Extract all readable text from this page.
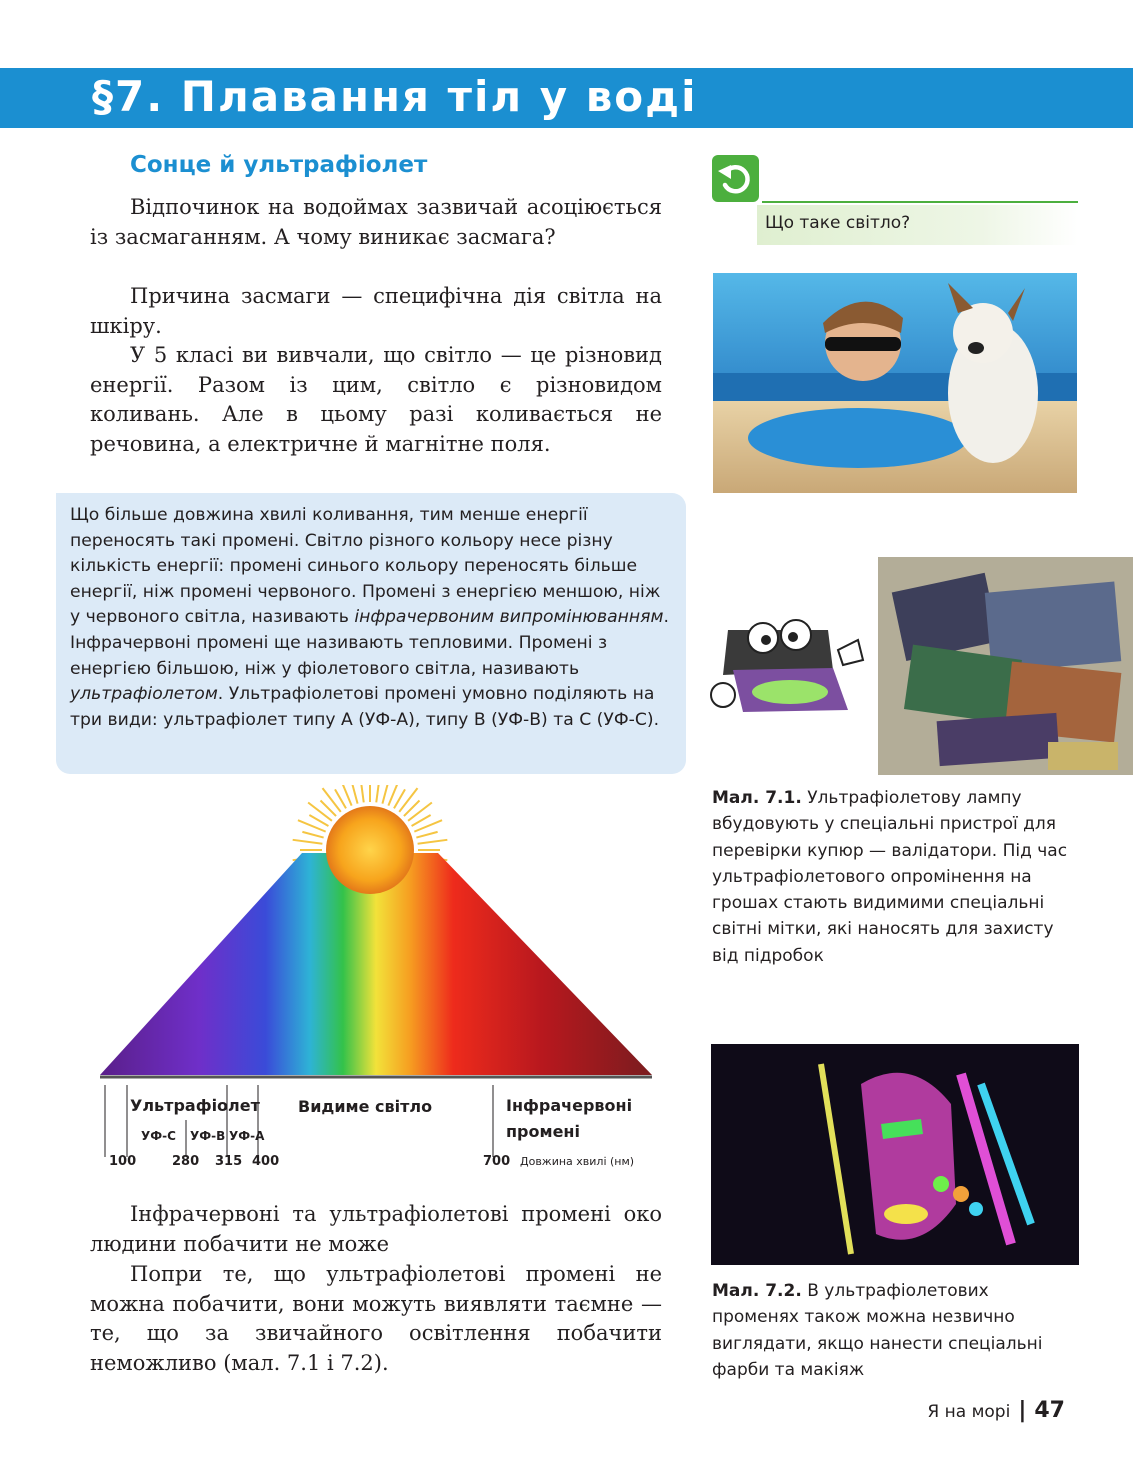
§7. Плавання тіл у воді
Сонце й ультрафіолет

Відпочинок на водоймах зазвичай асоціюється із засмаганням. А чому виникає засмага?

Причина засмаги — специфічна дія світла на шкіру.

У 5 класі ви вивчали, що світло — це різновид енергії. Разом із цим, світло є різновидом коливань. Але в цьому разі коливається не речовина, а електричне й магнітне поля.

Що більше довжина хвилі коливання, тим менше енергії переносять такі промені. Світло різного кольору несе різну кількість енергії: промені синього кольору переносять більше енергії, ніж промені червоного. Промені з енергією меншою, ніж у червоного світла, називають інфрачервоним випромінюванням. Інфрачервоні промені ще називають тепловими. Промені з енергією більшою, ніж у фіолетового світла, називають ультрафіолетом. Ультрафіолетові промені умовно поділяють на три види: ультрафіолет типу А (УФ-А), типу В (УФ-В) та С (УФ-С).

Що таке світло?

Мал. 7.1. Ультрафіолетову лампу вбудовують у спеціальні пристрої для перевірки купюр — валідатори. Під час ультрафіолетового опромінення на грошах стають видимими спеціальні світні мітки, які наносять для захисту від підробок

Мал. 7.2. В ультрафіолетових променях також можна незвично виглядати, якщо нанести спеціальні фарби та макіяж

Ультрафіолет Видиме світло	Інфрачервоні
промені
УФ-С УФ-В УФ-А
100	280 315 400	700 Довжина хвилі (нм)

Інфрачервоні та ультрафіолетові промені око людини побачити не може

Попри те, що ультрафіолетові промені не можна побачити, вони можуть виявляти таємне — те, що за звичайного освітлення побачити неможливо (мал. 7.1 і 7.2).

Я на морі | 47
